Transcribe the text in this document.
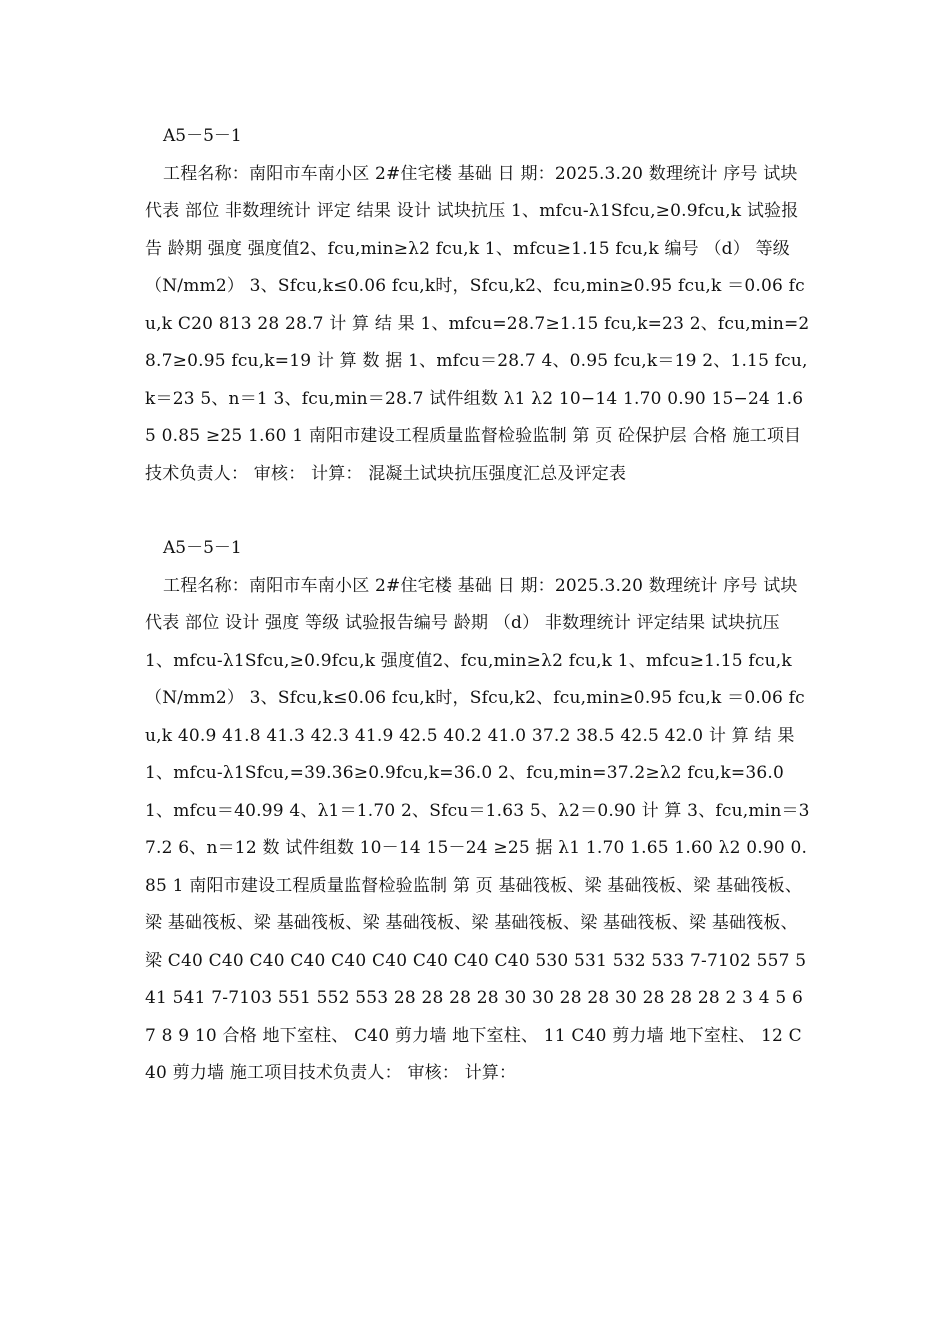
A5－5－1

工程名称：南阳市车南小区 2#住宅楼 基础 日 期：2025.3.20 数理统计 序号 试块代表 部位 非数理统计 评定 结果 设计 试块抗压 1、mfcu-λ1Sfcu,≥0.9fcu,k 试验报告 龄期 强度 强度值2、fcu,min≥λ2 fcu,k 1、mfcu≥1.15 fcu,k 编号 （d） 等级 （N/mm2） 3、Sfcu,k≤0.06 fcu,k时，Sfcu,k2、fcu,min≥0.95 fcu,k ＝0.06 fcu,k C20 813 28 28.7 计 算 结 果 1、mfcu=28.7≥1.15 fcu,k=23 2、fcu,min=28.7≥0.95 fcu,k=19 计 算 数 据 1、mfcu＝28.7 4、0.95 fcu,k＝19 2、1.15 fcu,k＝23 5、n＝1 3、fcu,min＝28.7 试件组数 λ1 λ2 10−14 1.70 0.90 15−24 1.65 0.85 ≥25 1.60 1 南阳市建设工程质量监督检验监制 第 页 砼保护层 合格 施工项目技术负责人： 审核： 计算： 混凝土试块抗压强度汇总及评定表

A5－5－1

工程名称：南阳市车南小区 2#住宅楼 基础 日 期：2025.3.20 数理统计 序号 试块代表 部位 设计 强度 等级 试验报告编号 龄期 （d） 非数理统计 评定结果 试块抗压 1、mfcu-λ1Sfcu,≥0.9fcu,k 强度值2、fcu,min≥λ2 fcu,k 1、mfcu≥1.15 fcu,k （N/mm2） 3、Sfcu,k≤0.06 fcu,k时，Sfcu,k2、fcu,min≥0.95 fcu,k ＝0.06 fcu,k 40.9 41.8 41.3 42.3 41.9 42.5 40.2 41.0 37.2 38.5 42.5 42.0 计 算 结 果 1、mfcu-λ1Sfcu,=39.36≥0.9fcu,k=36.0 2、fcu,min=37.2≥λ2 fcu,k=36.0 1、mfcu＝40.99 4、λ1＝1.70 2、Sfcu＝1.63 5、λ2＝0.90 计 算 3、fcu,min＝37.2 6、n＝12 数 试件组数 10－14 15－24 ≥25 据 λ1 1.70 1.65 1.60 λ2 0.90 0.85 1 南阳市建设工程质量监督检验监制 第 页 基础筏板、梁 基础筏板、梁 基础筏板、梁 基础筏板、梁 基础筏板、梁 基础筏板、梁 基础筏板、梁 基础筏板、梁 基础筏板、梁 C40 C40 C40 C40 C40 C40 C40 C40 C40 530 531 532 533 7-7102 557 541 541 7-7103 551 552 553 28 28 28 28 30 30 28 28 30 28 28 28 2 3 4 5 6 7 8 9 10 合格 地下室柱、 C40 剪力墙 地下室柱、 11 C40 剪力墙 地下室柱、 12 C40 剪力墙 施工项目技术负责人： 审核： 计算：
